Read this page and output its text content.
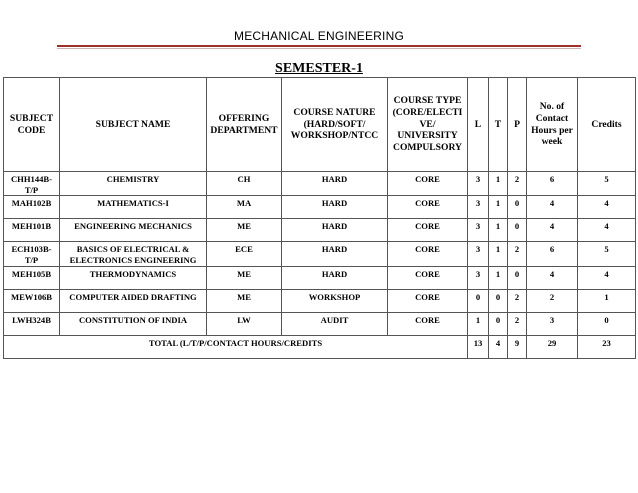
MECHANICAL ENGINEERING
SEMESTER-1
SUBJECT CODE	SUBJECT NAME	OFFERING DEPARTMENT	COURSE NATURE (HARD/SOFT/ WORKSHOP/NTCC	COURSE TYPE (CORE/ELECTI VE/ UNIVERSITY COMPULSORY	L	T	P	No. of Contact Hours per week	Credits
CHH144B-T/P	CHEMISTRY	CH	HARD	CORE	3	1	2	6	5
MAH102B	MATHEMATICS-I	MA	HARD	CORE	3	1	0	4	4
MEH101B	ENGINEERING MECHANICS	ME	HARD	CORE	3	1	0	4	4
ECH103B-T/P	BASICS OF ELECTRICAL & ELECTRONICS ENGINEERING	ECE	HARD	CORE	3	1	2	6	5
MEH105B	THERMODYNAMICS	ME	HARD	CORE	3	1	0	4	4
MEW106B	COMPUTER AIDED DRAFTING	ME	WORKSHOP	CORE	0	0	2	2	1
LWH324B	CONSTITUTION OF INDIA	LW	AUDIT	CORE	1	0	2	3	0
TOTAL (L/T/P/CONTACT HOURS/CREDITS					13	4	9	29	23
